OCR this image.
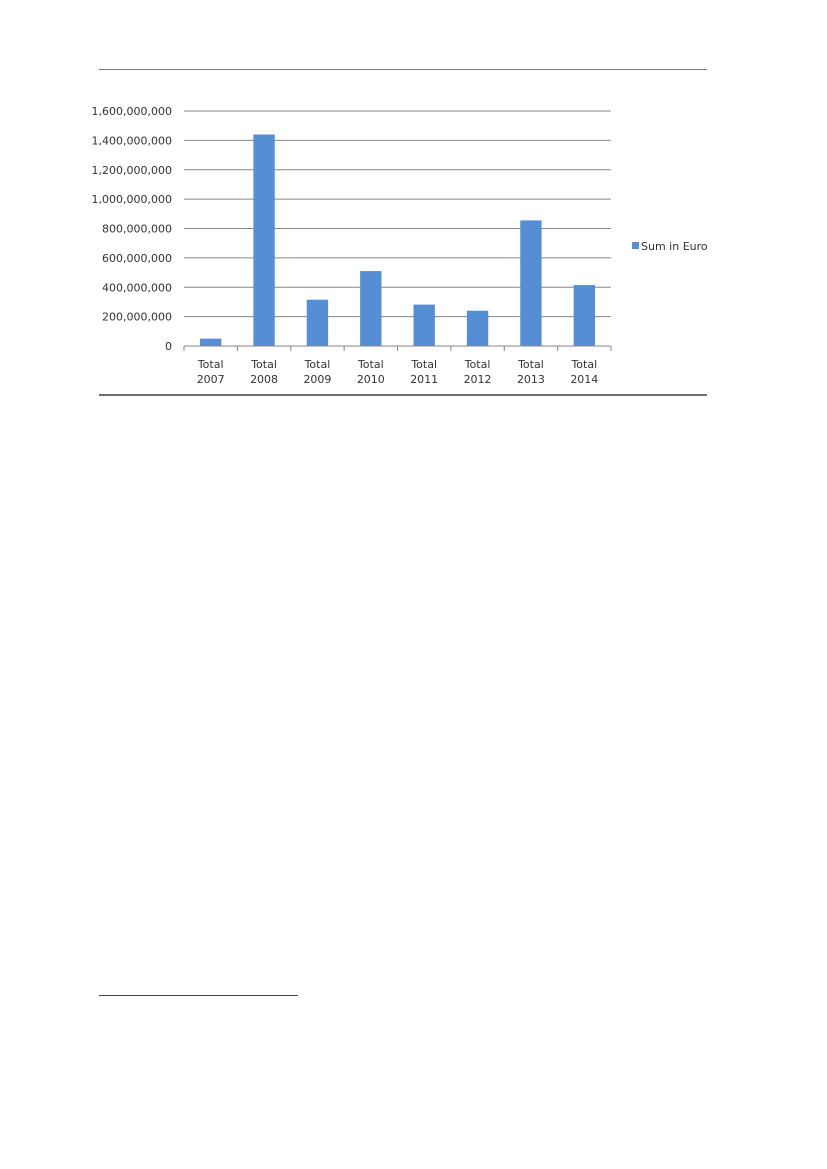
0
200,000,000
400,000,000
600,000,000
800,000,000
1,000,000,000
1,200,000,000
1,400,000,000
1,600,000,000
Total 2007
Total 2008
Total 2009
Total 2010
Total 2011
Total 2012
Total 2013
Total 2014
Sum in Euro
